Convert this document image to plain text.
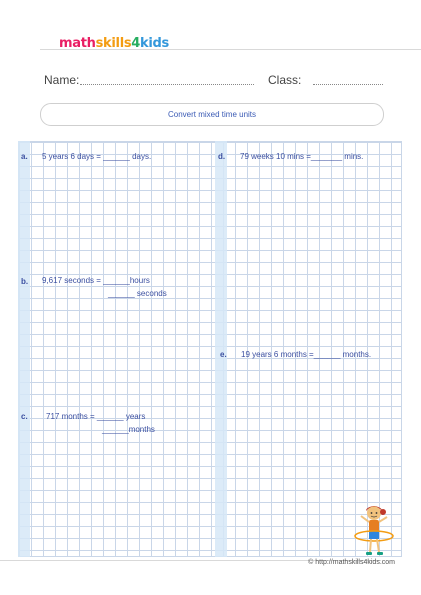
mathskills4kids
Name:	Class:
Convert mixed time units
a. 5 years 6 days = ______ days.
b. 9,617 seconds = ______hours
______ seconds
c. 717 months = ______ years
______months
d. 79 weeks 10 mins =_______ mins.
e. 19 years 6 months =______ months.
© http://mathskills4kids.com
